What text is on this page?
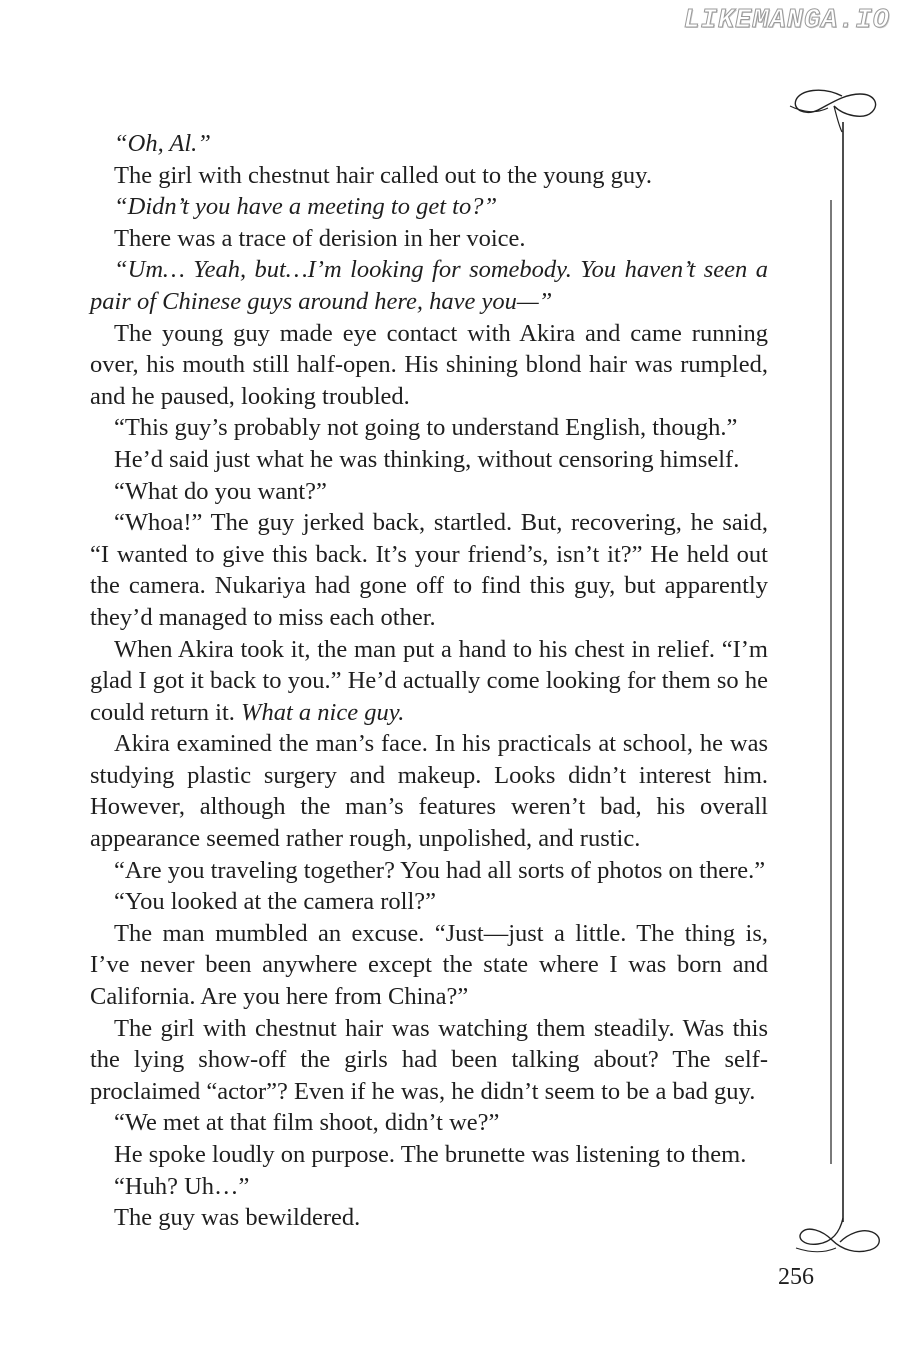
LIKEMANGA.IO

“Oh, Al.”

The girl with chestnut hair called out to the young guy.

“Didn’t you have a meeting to get to?”

There was a trace of derision in her voice.

“Um… Yeah, but…I’m looking for somebody. You haven’t seen a pair of Chinese guys around here, have you—”

The young guy made eye contact with Akira and came running over, his mouth still half-open. His shining blond hair was rumpled, and he paused, looking troubled.

“This guy’s probably not going to understand English, though.”

He’d said just what he was thinking, without censoring himself.

“What do you want?”

“Whoa!” The guy jerked back, startled. But, recovering, he said, “I wanted to give this back. It’s your friend’s, isn’t it?” He held out the camera. Nukariya had gone off to find this guy, but apparently they’d managed to miss each other.

When Akira took it, the man put a hand to his chest in relief. “I’m glad I got it back to you.” He’d actually come looking for them so he could return it. What a nice guy.

Akira examined the man’s face. In his practicals at school, he was studying plastic surgery and makeup. Looks didn’t interest him. However, although the man’s features weren’t bad, his overall appearance seemed rather rough, unpolished, and rustic.

“Are you traveling together? You had all sorts of photos on there.”

“You looked at the camera roll?”

The man mumbled an excuse. “Just—just a little. The thing is, I’ve never been anywhere except the state where I was born and California. Are you here from China?”

The girl with chestnut hair was watching them steadily. Was this the lying show-off the girls had been talking about? The self-proclaimed “actor”? Even if he was, he didn’t seem to be a bad guy.

“We met at that film shoot, didn’t we?”

He spoke loudly on purpose. The brunette was listening to them.

“Huh? Uh…”

The guy was bewildered.

256
